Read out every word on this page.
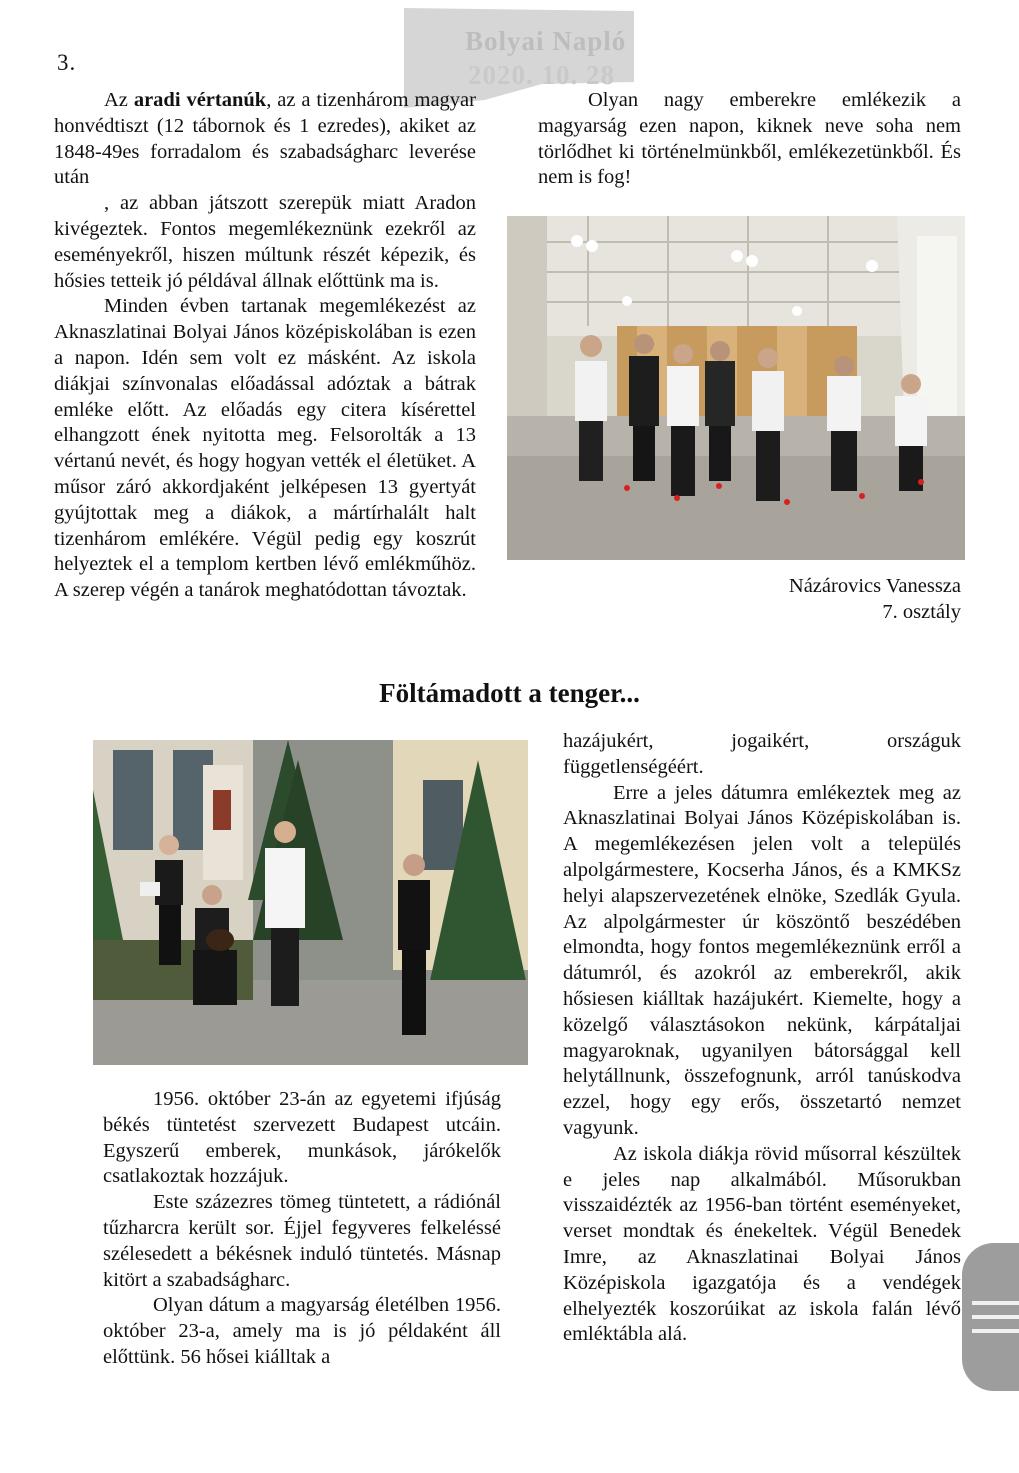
Bolyai Napló
2020. 10. 28
3.

Az aradi vértanúk, az a tizenhárom magyar honvédtiszt (12 tábornok és 1 ezredes), akiket az 1848-49es forradalom és szabadságharc leverése után

, az abban játszott szerepük miatt Aradon kivégeztek. Fontos megemlékeznünk ezekről az eseményekről, hiszen múltunk részét képezik, és hősies tetteik jó példával állnak előttünk ma is.

Minden évben tartanak megemlékezést az Aknaszlatinai Bolyai János középiskolában is ezen a napon. Idén sem volt ez másként. Az iskola diákjai színvonalas előadással adóztak a bátrak emléke előtt. Az előadás egy citera kísérettel elhangzott ének nyitotta meg. Felsorolták a 13 vértanú nevét, és hogy hogyan vették el életüket. A műsor záró akkordjaként jelképesen 13 gyertyát gyújtottak meg a diákok, a mártírhalált halt tizenhárom emlékére. Végül pedig egy koszrút helyeztek el a templom kertben lévő emlékműhöz. A szerep végén a tanárok meghatódottan távoztak.

Olyan nagy emberekre emlékezik a magyarság ezen napon, kiknek neve soha nem törlődhet ki történelmünkből, emlékezetünkből. És nem is fog!

Názárovics Vanessza
7. osztály
Föltámadott a tenger...

1956. október 23-án az egyetemi ifjúság békés tüntetést szervezett Budapest utcáin. Egyszerű emberek, munkások, járókelők csatlakoztak hozzájuk.

Este százezres tömeg tüntetett, a rádiónál tűzharcra került sor. Éjjel fegyveres felkeléssé szélesedett a békésnek induló tüntetés. Másnap kitört a szabadságharc.

Olyan dátum a magyarság életélben 1956. október 23-a, amely ma is jó példaként áll előttünk. 56 hősei kiálltak a

hazájukért, jogaikért, országuk függetlenségéért.

Erre a jeles dátumra emlékeztek meg az Aknaszlatinai Bolyai János Középiskolában is. A megemlékezésen jelen volt a település alpolgármestere, Kocserha János, és a KMKSz helyi alapszervezetének elnöke, Szedlák Gyula. Az alpolgármester úr köszöntő beszédében elmondta, hogy fontos megemlékeznünk erről a dátumról, és azokról az emberekről, akik hősiesen kiálltak hazájukért. Kiemelte, hogy a közelgő választásokon nekünk, kárpátaljai magyaroknak, ugyanilyen bátorsággal kell helytállnunk, összefognunk, arról tanúskodva ezzel, hogy egy erős, összetartó nemzet vagyunk.

Az iskola diákja rövid műsorral készültek e jeles nap alkalmából. Műsorukban visszaidézték az 1956-ban történt eseményeket, verset mondtak és énekeltek. Végül Benedek Imre, az Aknaszlatinai Bolyai János Középiskola igazgatója és a vendégek elhelyezték koszorúikat az iskola falán lévő emléktábla alá.
